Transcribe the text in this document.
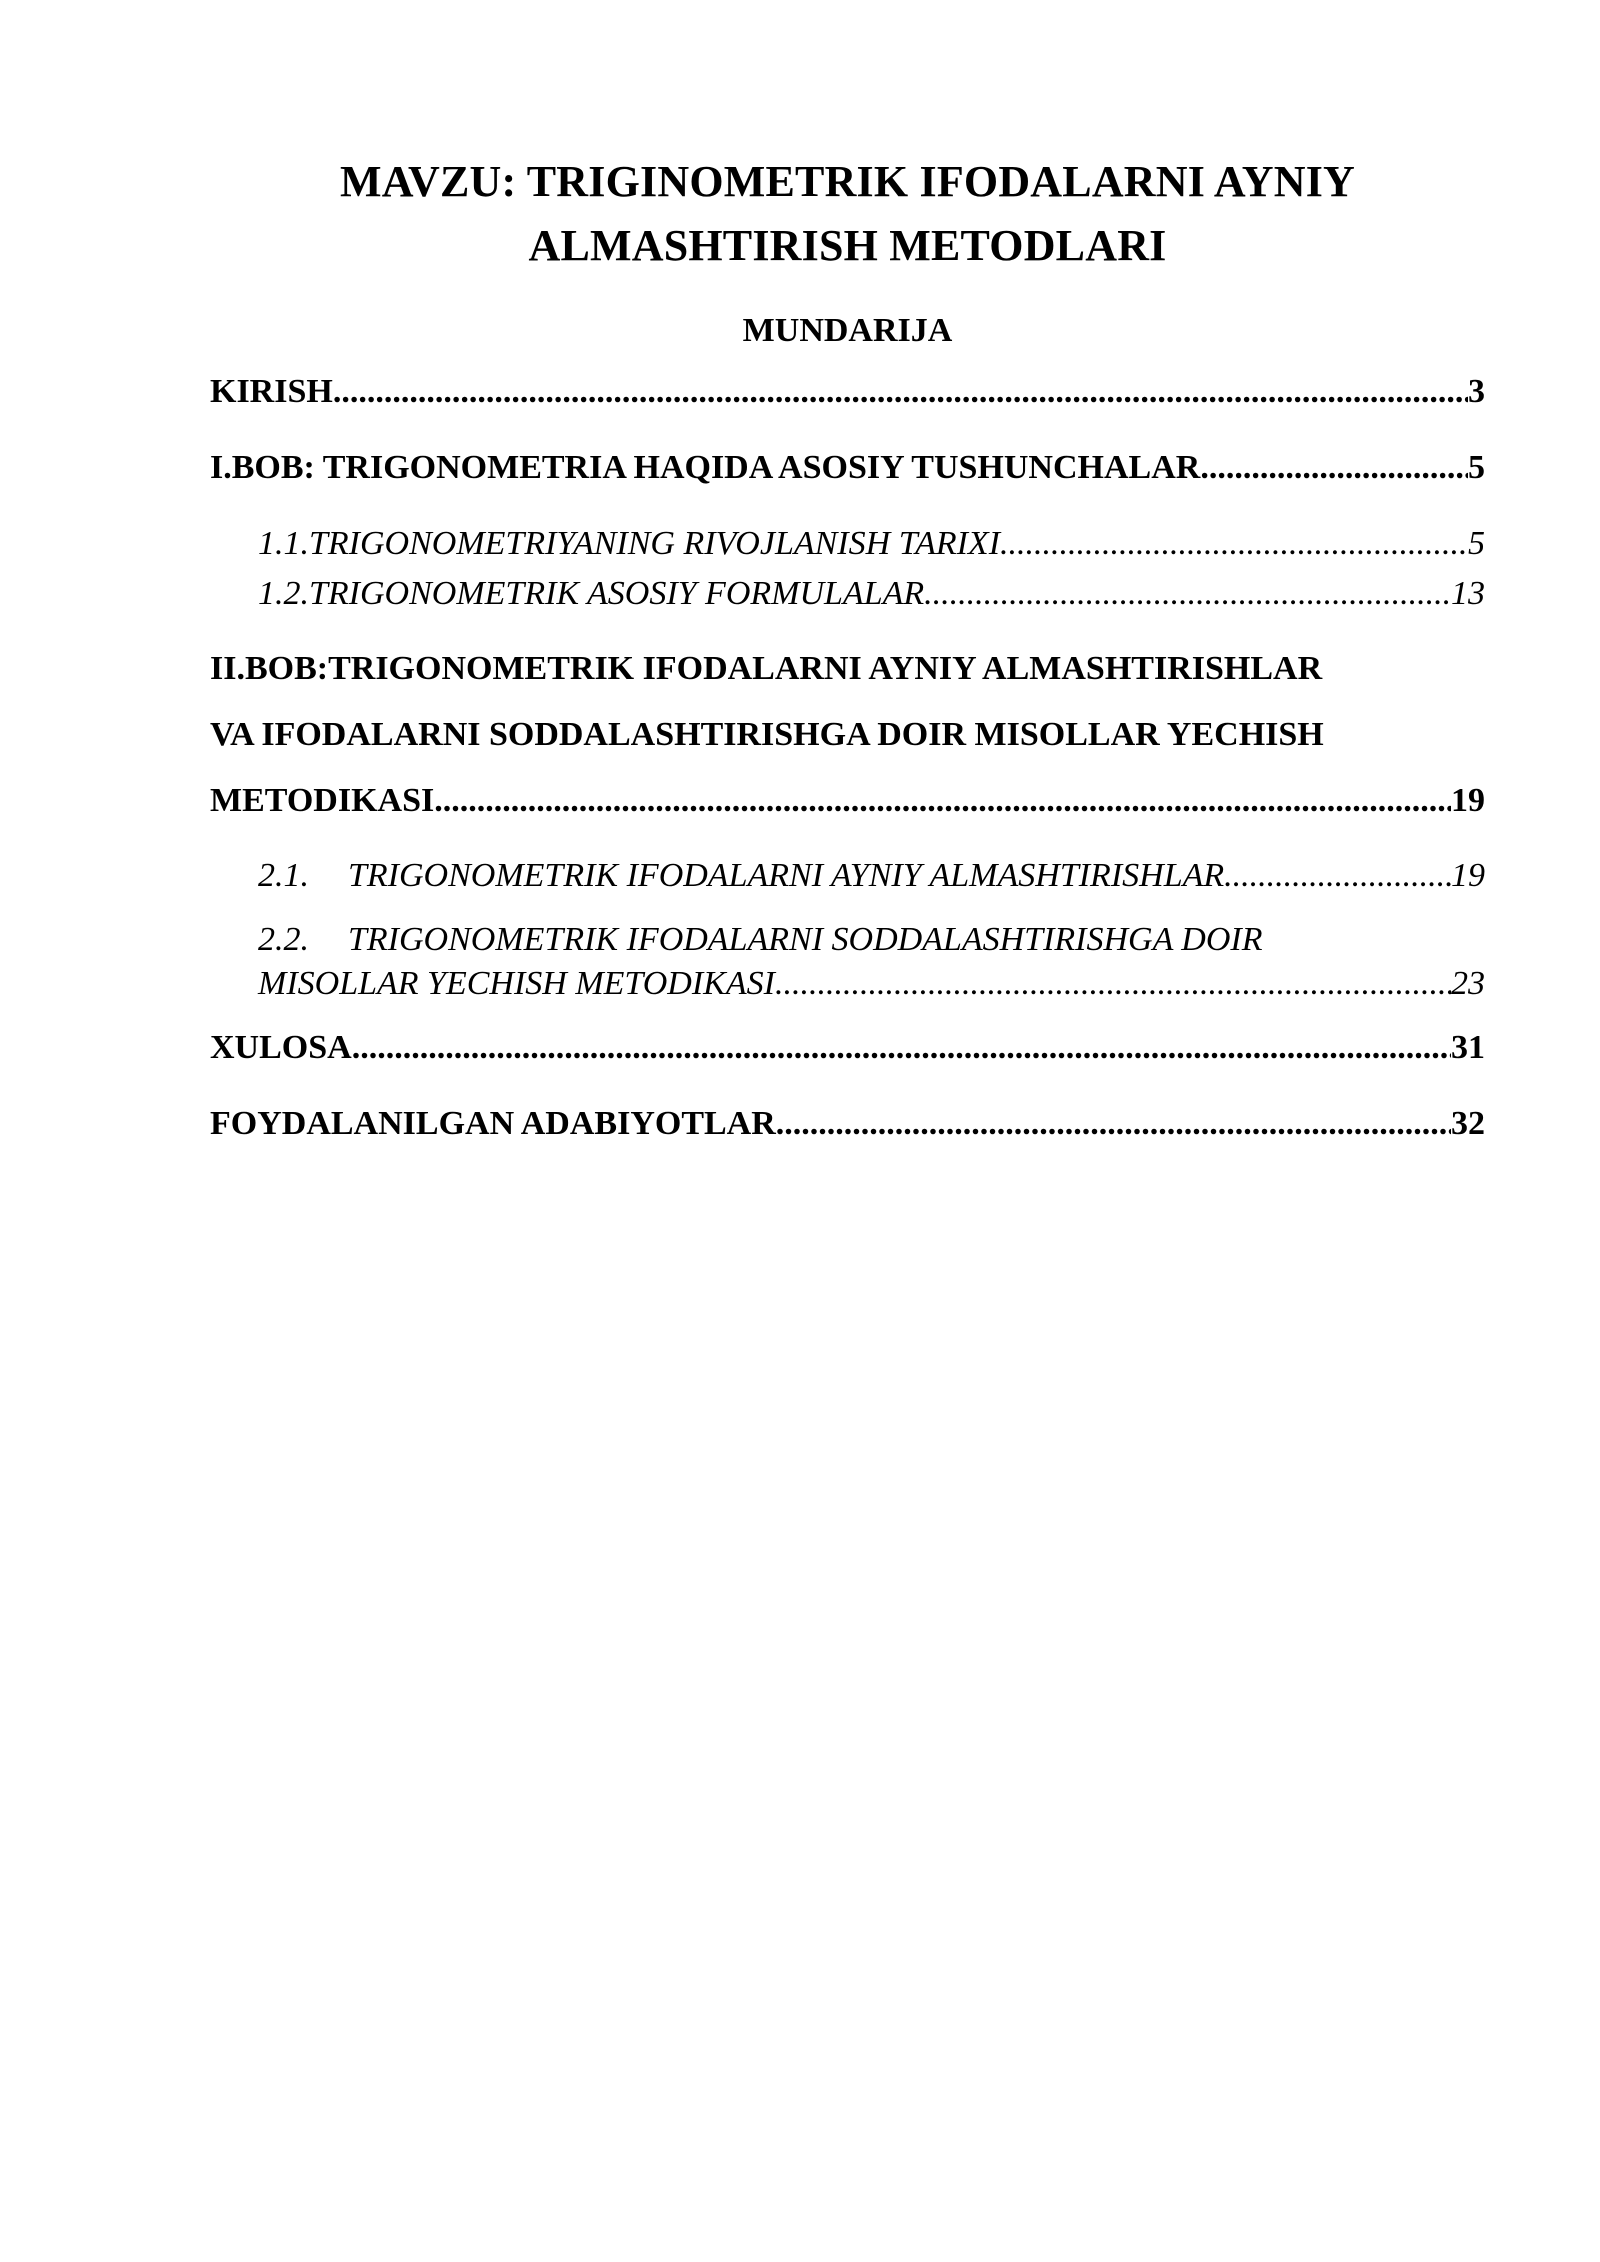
MAVZU: TRIGINOMETRIK IFODALARNI AYNIY
ALMASHTIRISH METODLARI
MUNDARIJA
KIRISH .....	3
I.BOB: TRIGONOMETRIA HAQIDA ASOSIY TUSHUNCHALAR .....	5
1.1.TRIGONOMETRIYANING RIVOJLANISH TARIXI .....	5
1.2.TRIGONOMETRIK ASOSIY FORMULALAR .....	13
II.BOB:TRIGONOMETRIK IFODALARNI AYNIY ALMASHTIRISHLAR
VA IFODALARNI SODDALASHTIRISHGA DOIR MISOLLAR YECHISH
METODIKASI .....	19
2.1. TRIGONOMETRIK IFODALARNI AYNIY ALMASHTIRISHLAR .....	19
2.2. TRIGONOMETRIK IFODALARNI SODDALASHTIRISHGA DOIR
MISOLLAR YECHISH METODIKASI .....	23
XULOSA .....	31
FOYDALANILGAN ADABIYOTLAR .....	32
